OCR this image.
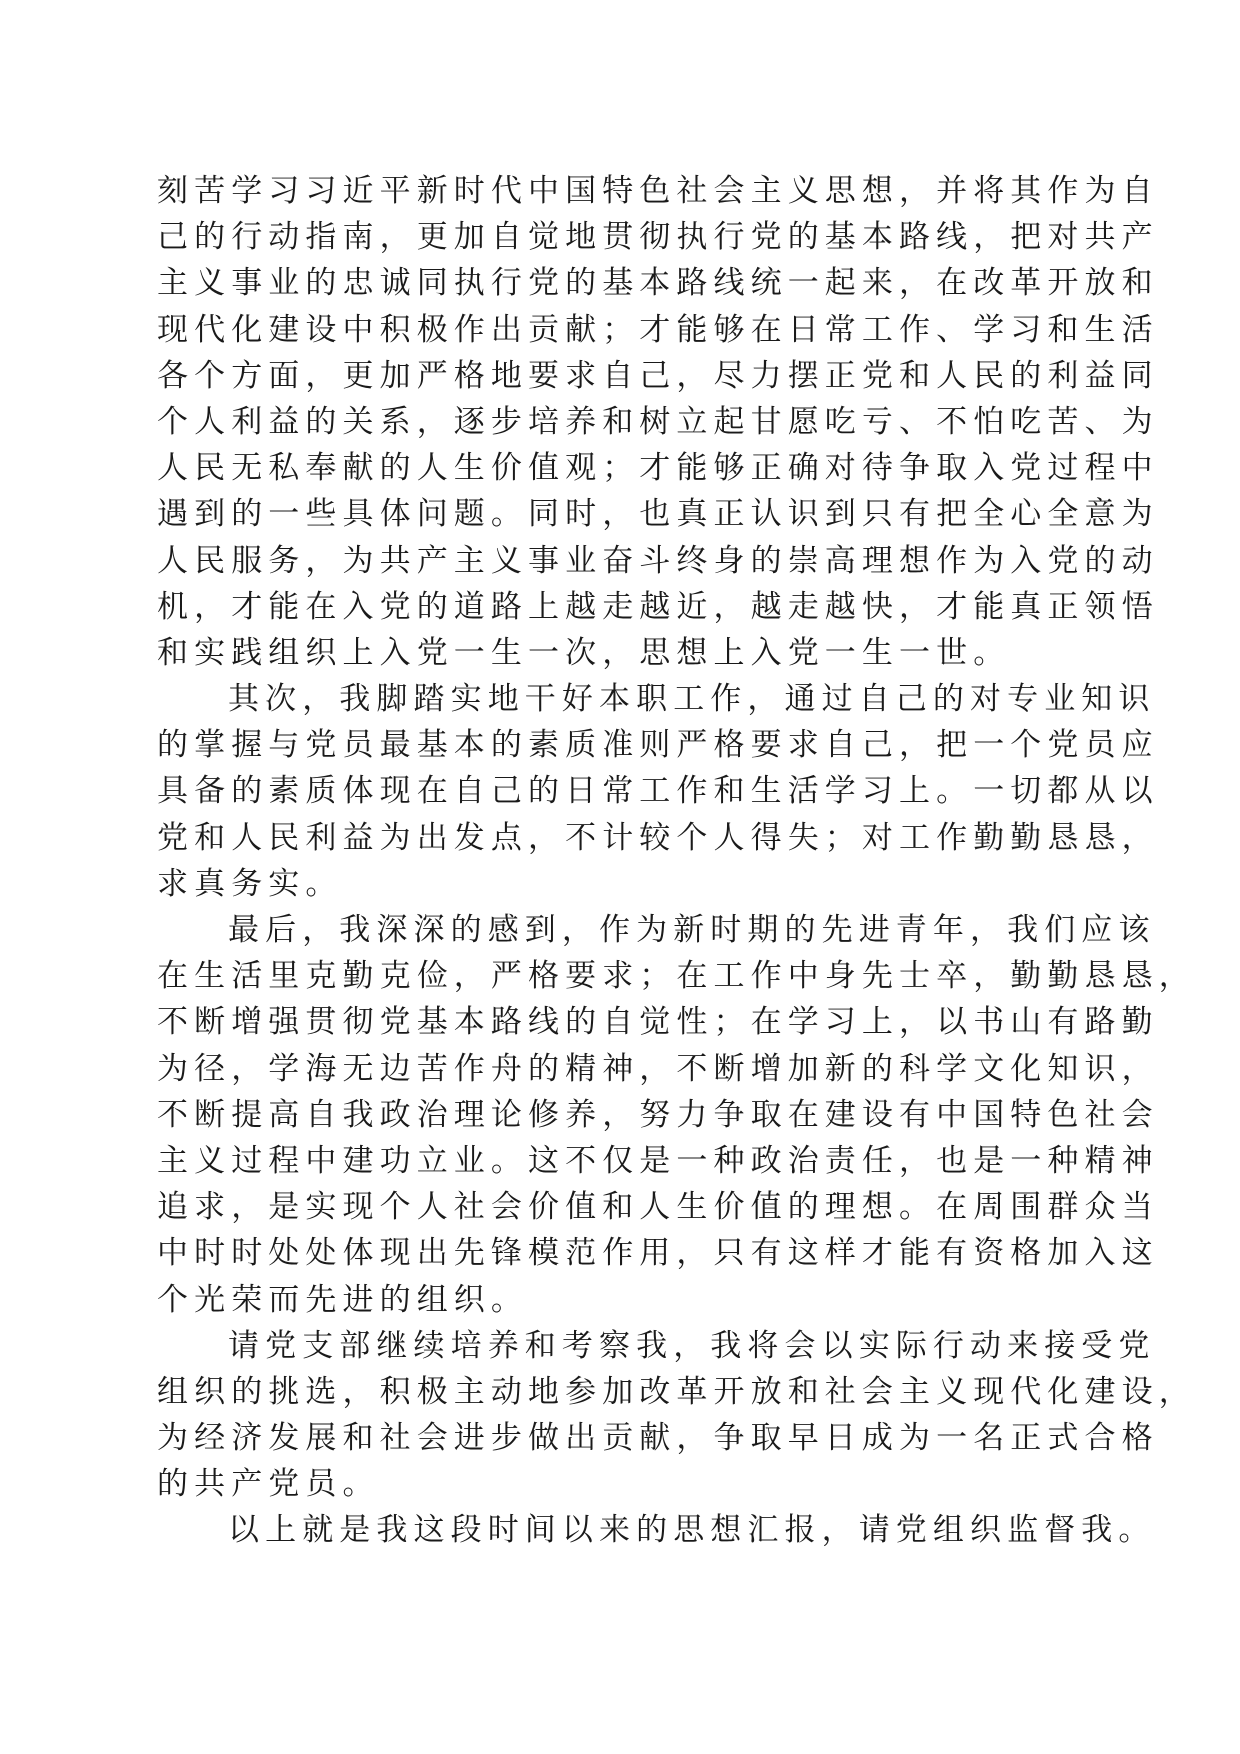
刻苦学习习近平新时代中国特色社会主义思想，并将其作为自
己的行动指南，更加自觉地贯彻执行党的基本路线，把对共产
主义事业的忠诚同执行党的基本路线统一起来，在改革开放和
现代化建设中积极作出贡献；才能够在日常工作、学习和生活
各个方面，更加严格地要求自己，尽力摆正党和人民的利益同
个人利益的关系，逐步培养和树立起甘愿吃亏、不怕吃苦、为
人民无私奉献的人生价值观；才能够正确对待争取入党过程中
遇到的一些具体问题。同时，也真正认识到只有把全心全意为
人民服务，为共产主义事业奋斗终身的崇高理想作为入党的动
机，才能在入党的道路上越走越近，越走越快，才能真正领悟
和实践组织上入党一生一次，思想上入党一生一世。
其次，我脚踏实地干好本职工作，通过自己的对专业知识
的掌握与党员最基本的素质准则严格要求自己，把一个党员应
具备的素质体现在自己的日常工作和生活学习上。一切都从以
党和人民利益为出发点，不计较个人得失；对工作勤勤恳恳，
求真务实。
最后，我深深的感到，作为新时期的先进青年，我们应该
在生活里克勤克俭，严格要求；在工作中身先士卒，勤勤恳恳，
不断增强贯彻党基本路线的自觉性；在学习上，以书山有路勤
为径，学海无边苦作舟的精神，不断增加新的科学文化知识，
不断提高自我政治理论修养，努力争取在建设有中国特色社会
主义过程中建功立业。这不仅是一种政治责任，也是一种精神
追求，是实现个人社会价值和人生价值的理想。在周围群众当
中时时处处体现出先锋模范作用，只有这样才能有资格加入这
个光荣而先进的组织。
请党支部继续培养和考察我，我将会以实际行动来接受党
组织的挑选，积极主动地参加改革开放和社会主义现代化建设，
为经济发展和社会进步做出贡献，争取早日成为一名正式合格
的共产党员。
以上就是我这段时间以来的思想汇报，请党组织监督我。
